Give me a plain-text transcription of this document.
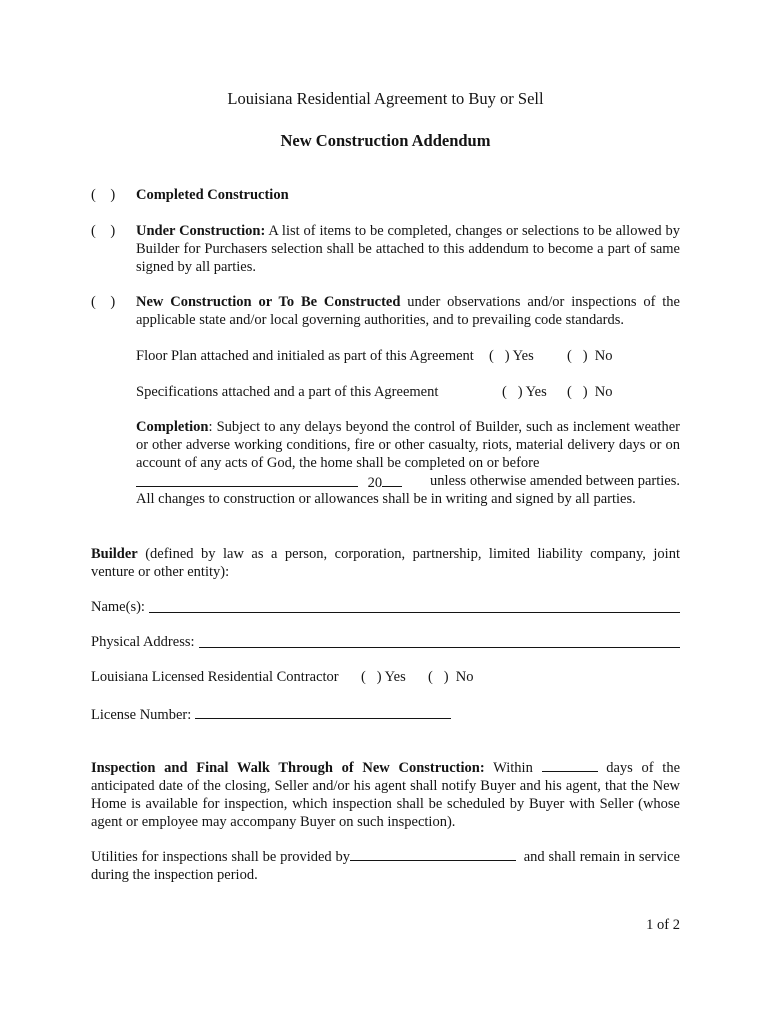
Louisiana Residential Agreement to Buy or Sell
New Construction Addendum
(    ) Completed Construction
(    ) Under Construction: A list of items to be completed, changes or selections to be allowed by Builder for Purchasers selection shall be attached to this addendum to become a part of same signed by all parties.
(    ) New Construction or To Be Constructed under observations and/or inspections of the applicable state and/or local governing authorities, and to prevailing code standards.
Floor Plan attached and initialed as part of this Agreement (   ) Yes (   )  No
Specifications attached and a part of this Agreement	(   ) Yes (   )  No
Completion: Subject to any delays beyond the control of Builder, such as inclement weather or other adverse working conditions, fire or other casualty, riots, material delivery days or on account of any acts of God, the home shall be completed on or before
20	unless otherwise amended between parties.
All changes to construction or allowances shall be in writing and signed by all parties.
Builder (defined by law as a person, corporation, partnership, limited liability company, joint venture or other entity):
Name(s):
Physical Address:
Louisiana Licensed Residential Contractor (   ) Yes (   )  No
License Number:
Inspection and Final Walk Through of New Construction: Within	days of the anticipated date of the closing, Seller and/or his agent shall notify Buyer and his agent, that the New Home is available for inspection, which inspection shall be scheduled by Buyer with Seller (whose agent or employee may accompany Buyer on such inspection).
Utilities for inspections shall be provided by	and shall remain in service during the inspection period.
1 of 2
